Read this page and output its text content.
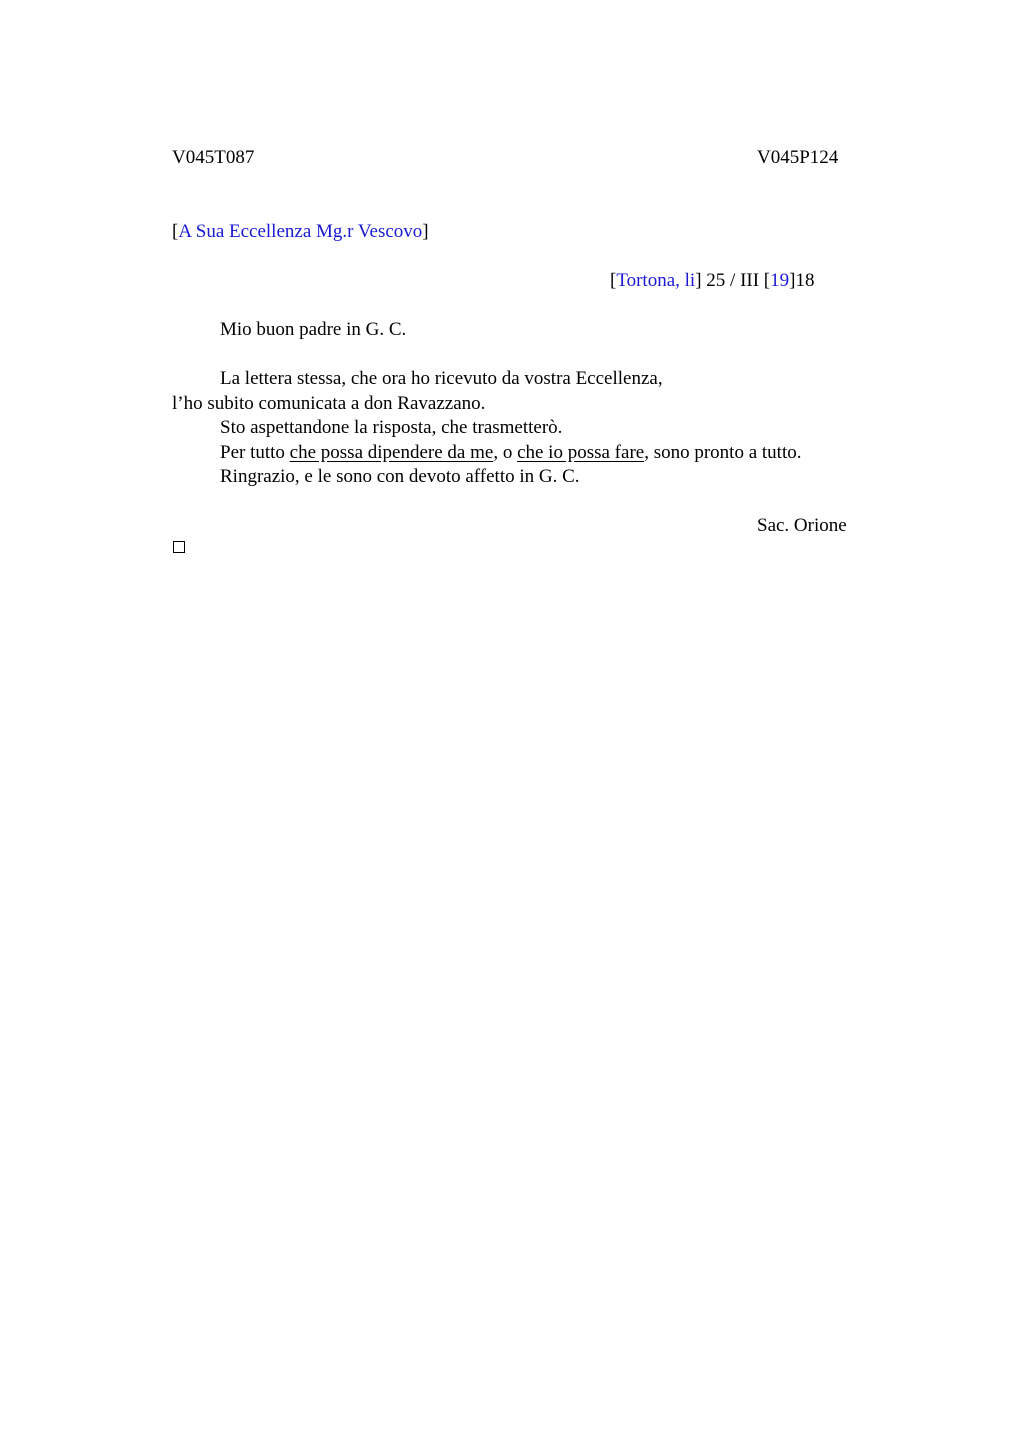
V045T087	V045P124
[A Sua Eccellenza Mg.r Vescovo]
[Tortona, li] 25 / III [19]18
Mio buon padre in G. C.
La lettera stessa, che ora ho ricevuto da vostra Eccellenza,
l’ho subito comunicata a don Ravazzano.
Sto aspettandone la risposta, che trasmetterò.
Per tutto che possa dipendere da me, o che io possa fare, sono pronto a tutto.
Ringrazio, e le sono con devoto affetto in G. C.
Sac. Orione
